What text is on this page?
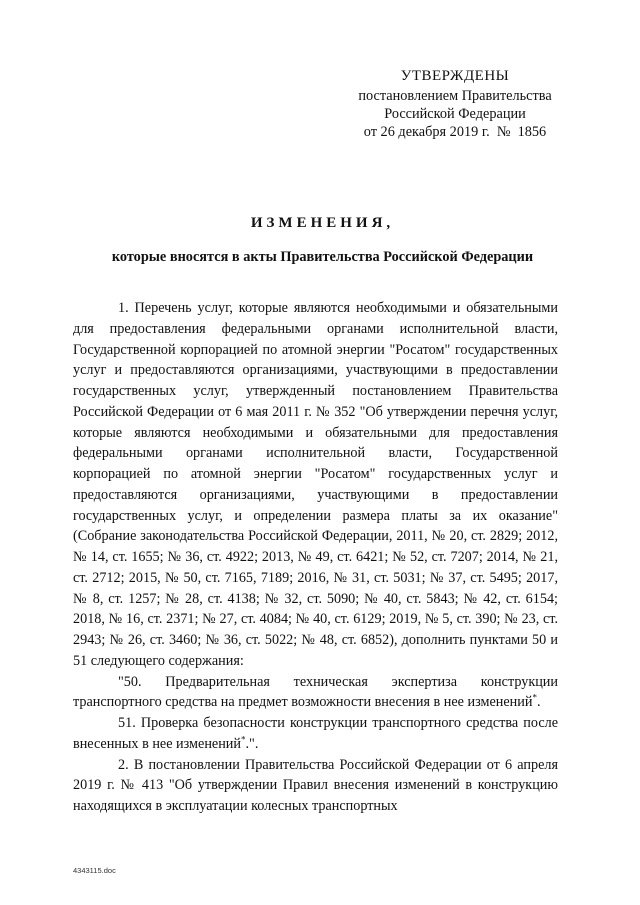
УТВЕРЖДЕНЫ
постановлением Правительства
Российской Федерации
от 26 декабря 2019 г.  №  1856
ИЗМЕНЕНИЯ,
которые вносятся в акты Правительства Российской Федерации

1. Перечень услуг, которые являются необходимыми и обязательными для предоставления федеральными органами исполнительной власти, Государственной корпорацией по атомной энергии "Росатом" государственных услуг и предоставляются организациями, участвующими в предоставлении государственных услуг, утвержденный постановлением Правительства Российской Федерации от 6 мая 2011 г. № 352 "Об утверждении перечня услуг, которые являются необходимыми и обязательными для предоставления федеральными органами исполнительной власти, Государственной корпорацией по атомной энергии "Росатом" государственных услуг и предоставляются организациями, участвующими в предоставлении государственных услуг, и определении размера платы за их оказание" (Собрание законодательства Российской Федерации, 2011, № 20, ст. 2829; 2012, № 14, ст. 1655; № 36, ст. 4922; 2013, № 49, ст. 6421; № 52, ст. 7207; 2014, № 21, ст. 2712; 2015, № 50, ст. 7165, 7189; 2016, № 31, ст. 5031; № 37, ст. 5495; 2017, № 8, ст. 1257; № 28, ст. 4138; № 32, ст. 5090; № 40, ст. 5843; № 42, ст. 6154; 2018, № 16, ст. 2371; № 27, ст. 4084; № 40, ст. 6129; 2019, № 5, ст. 390; № 23, ст. 2943; № 26, ст. 3460; № 36, ст. 5022; № 48, ст. 6852), дополнить пунктами 50 и 51 следующего содержания:

"50. Предварительная техническая экспертиза конструкции транспортного средства на предмет возможности внесения в нее изменений*.

51. Проверка безопасности конструкции транспортного средства после внесенных в нее изменений*.".

2. В постановлении Правительства Российской Федерации от 6 апреля 2019 г. № 413 "Об утверждении Правил внесения изменений в конструкцию находящихся в эксплуатации колесных транспортных

4343115.doc
